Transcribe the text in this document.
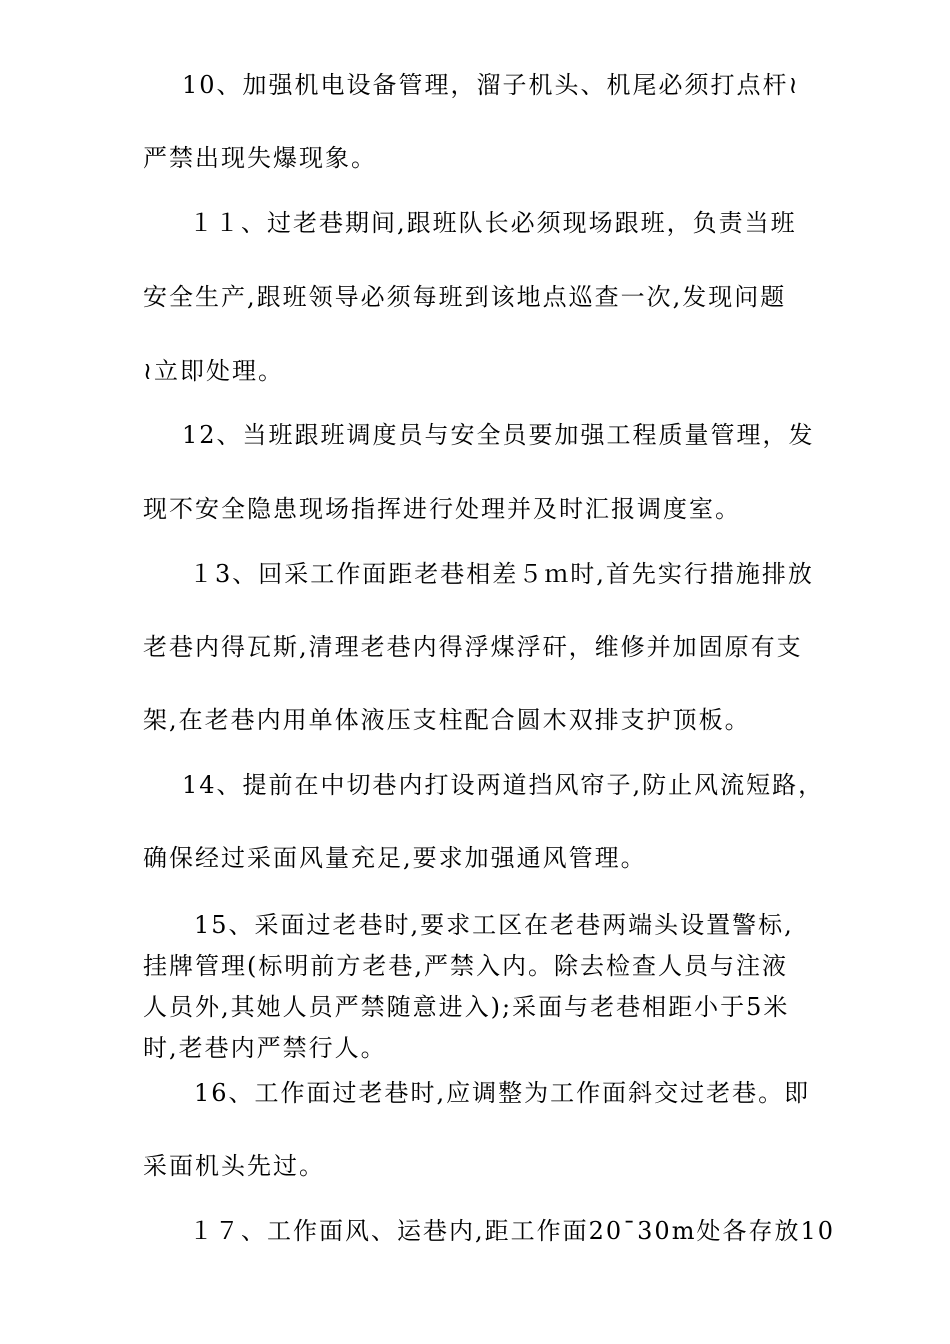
10、加强机电设备管理，溜子机头、机尾必须打点杆≀
严禁出现失爆现象。
１１、过老巷期间,跟班队长必须现场跟班，负责当班
安全生产,跟班领导必须每班到该地点巡查一次,发现问题
≀立即处理。
12、当班跟班调度员与安全员要加强工程质量管理，发
现不安全隐患现场指挥进行处理并及时汇报调度室。
１3、回采工作面距老巷相差５ｍ时,首先实行措施排放
老巷内得瓦斯,清理老巷内得浮煤浮矸，维修并加固原有支
架,在老巷内用单体液压支柱配合圆木双排支护顶板。
14、提前在中切巷内打设两道挡风帘子,防止风流短路，
确保经过采面风量充足,要求加强通风管理。
15、采面过老巷时,要求工区在老巷两端头设置警标,
挂牌管理(标明前方老巷,严禁入内。除去检查人员与注液
人员外,其她人员严禁随意进入);采面与老巷相距小于5米
时,老巷内严禁行人。
16、工作面过老巷时,应调整为工作面斜交过老巷。即
采面机头先过。
１７、工作面风、运巷内,距工作面20¯30m处各存放10
